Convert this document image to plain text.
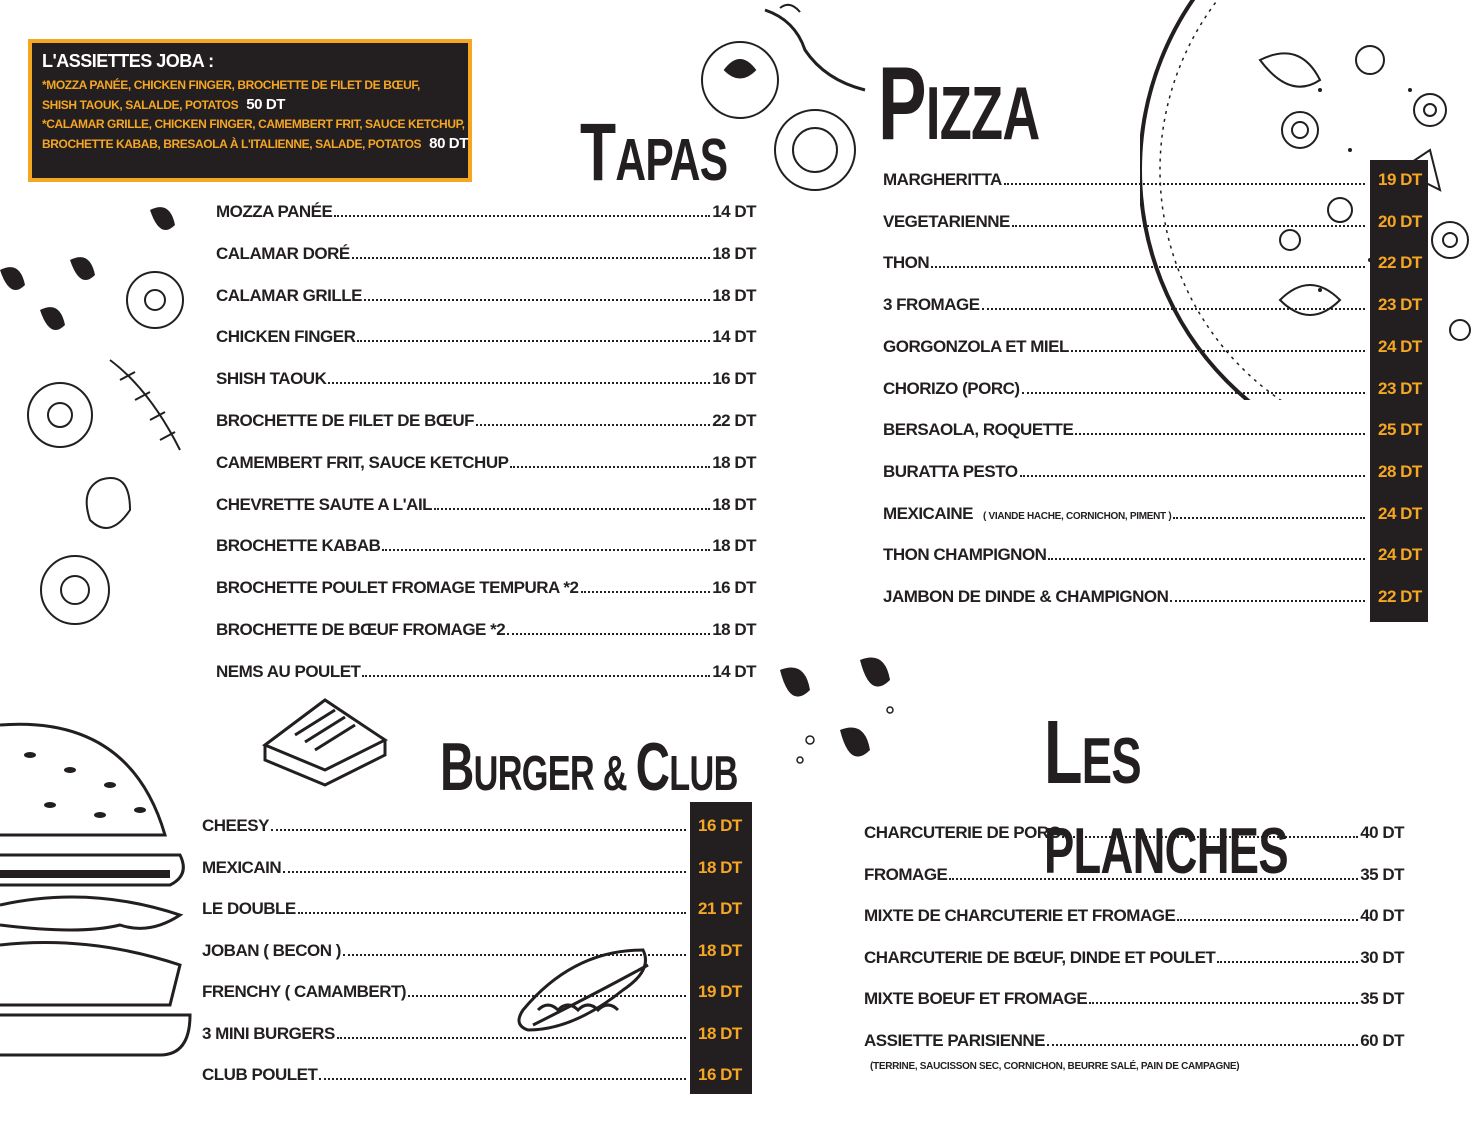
L'ASSIETTES JOBA :
*MOZZA PANÉE, CHICKEN FINGER, BROCHETTE DE FILET DE BŒUF,
SHISH TAOUK, SALALDE, POTATOS 50 DT
*CALAMAR GRILLE, CHICKEN FINGER, CAMEMBERT FRIT, SAUCE KETCHUP,
BROCHETTE KABAB, BRESAOLA À L'ITALIENNE, SALADE, POTATOS 80 DT TAPAS PIZZA
BURGER & CLUB	LES PLANCHES
MOZZA PANÉE	14 DT
CALAMAR DORÉ	18 DT
CALAMAR GRILLE	18 DT
CHICKEN FINGER	14 DT
SHISH TAOUK	16 DT
BROCHETTE DE FILET DE BŒUF	22 DT
CAMEMBERT FRIT, SAUCE KETCHUP	18 DT
CHEVRETTE SAUTE A L'AIL	18 DT
BROCHETTE KABAB	18 DT
BROCHETTE POULET FROMAGE TEMPURA *2	16 DT
BROCHETTE DE BŒUF FROMAGE *2	18 DT
NEMS AU POULET	14 DT
MARGHERITTA	19 DT
VEGETARIENNE	20 DT
THON	22 DT
3 FROMAGE	23 DT
GORGONZOLA ET MIEL	24 DT
CHORIZO (PORC)	23 DT
BERSAOLA, ROQUETTE	25 DT
BURATTA PESTO	28 DT
MEXICAINE ( VIANDE HACHE, CORNICHON, PIMENT )	24 DT
THON CHAMPIGNON	24 DT
JAMBON DE DINDE & CHAMPIGNON	22 DT
CHEESY	16 DT
MEXICAIN	18 DT
LE DOUBLE	21 DT
JOBAN ( BECON )	18 DT
FRENCHY ( CAMAMBERT)	19 DT
3 MINI BURGERS	18 DT
CLUB POULET	16 DT
CHARCUTERIE DE PORC	40 DT
FROMAGE	35 DT
MIXTE DE CHARCUTERIE ET FROMAGE	40 DT
CHARCUTERIE DE BŒUF, DINDE ET POULET	30 DT
MIXTE BOEUF ET FROMAGE	35 DT
ASSIETTE PARISIENNE	60 DT
(TERRINE, SAUCISSON SEC, CORNICHON, BEURRE SALÉ, PAIN DE CAMPAGNE)
